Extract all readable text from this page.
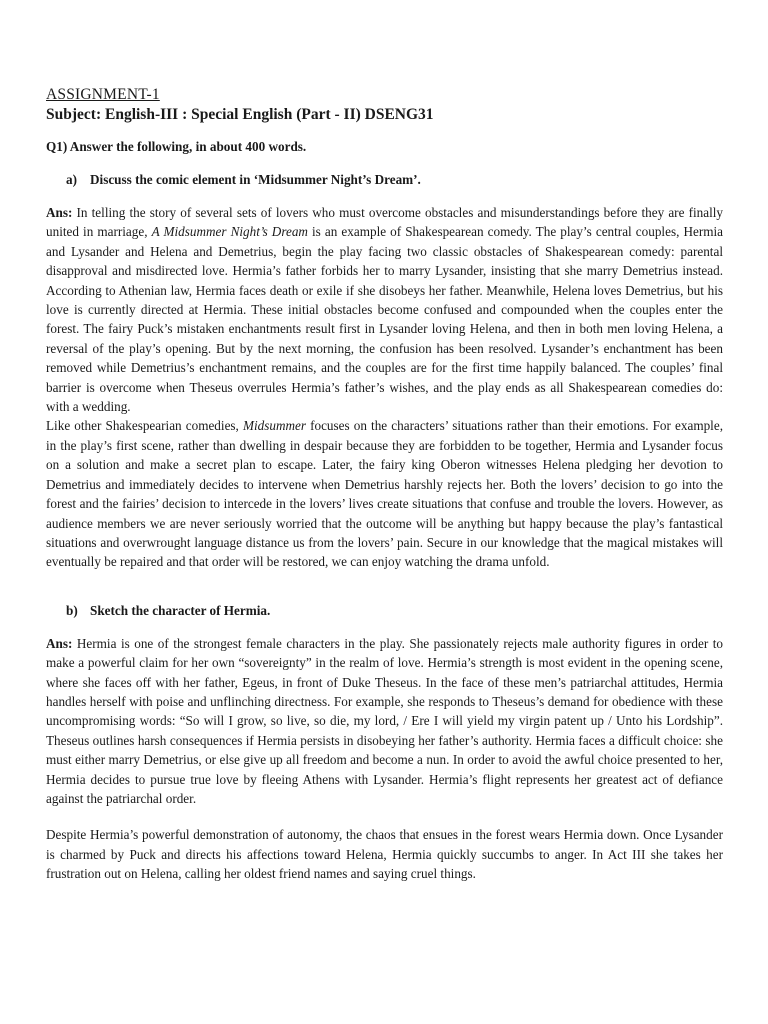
ASSIGNMENT-1

Subject: English-III : Special English (Part - II) DSENG31

Q1) Answer the following, in about 400 words.

a) Discuss the comic element in ‘Midsummer Night’s Dream’.

Ans: In telling the story of several sets of lovers who must overcome obstacles and misunderstandings before they are finally united in marriage, A Midsummer Night’s Dream is an example of Shakespearean comedy. The play’s central couples, Hermia and Lysander and Helena and Demetrius, begin the play facing two classic obstacles of Shakespearean comedy: parental disapproval and misdirected love. Hermia’s father forbids her to marry Lysander, insisting that she marry Demetrius instead. According to Athenian law, Hermia faces death or exile if she disobeys her father. Meanwhile, Helena loves Demetrius, but his love is currently directed at Hermia. These initial obstacles become confused and compounded when the couples enter the forest. The fairy Puck’s mistaken enchantments result first in Lysander loving Helena, and then in both men loving Helena, a reversal of the play’s opening. But by the next morning, the confusion has been resolved. Lysander’s enchantment has been removed while Demetrius’s enchantment remains, and the couples are for the first time happily balanced. The couples’ final barrier is overcome when Theseus overrules Hermia’s father’s wishes, and the play ends as all Shakespearean comedies do: with a wedding.

Like other Shakespearian comedies, Midsummer focuses on the characters’ situations rather than their emotions. For example, in the play’s first scene, rather than dwelling in despair because they are forbidden to be together, Hermia and Lysander focus on a solution and make a secret plan to escape. Later, the fairy king Oberon witnesses Helena pledging her devotion to Demetrius and immediately decides to intervene when Demetrius harshly rejects her. Both the lovers’ decision to go into the forest and the fairies’ decision to intercede in the lovers’ lives create situations that confuse and trouble the lovers. However, as audience members we are never seriously worried that the outcome will be anything but happy because the play’s fantastical situations and overwrought language distance us from the lovers’ pain. Secure in our knowledge that the magical mistakes will eventually be repaired and that order will be restored, we can enjoy watching the drama unfold.

b) Sketch the character of Hermia.

Ans: Hermia is one of the strongest female characters in the play. She passionately rejects male authority figures in order to make a powerful claim for her own “sovereignty” in the realm of love. Hermia’s strength is most evident in the opening scene, where she faces off with her father, Egeus, in front of Duke Theseus. In the face of these men’s patriarchal attitudes, Hermia handles herself with poise and unflinching directness. For example, she responds to Theseus’s demand for obedience with these uncompromising words: “So will I grow, so live, so die, my lord, / Ere I will yield my virgin patent up / Unto his Lordship”. Theseus outlines harsh consequences if Hermia persists in disobeying her father’s authority. Hermia faces a difficult choice: she must either marry Demetrius, or else give up all freedom and become a nun. In order to avoid the awful choice presented to her, Hermia decides to pursue true love by fleeing Athens with Lysander. Hermia’s flight represents her greatest act of defiance against the patriarchal order.

Despite Hermia’s powerful demonstration of autonomy, the chaos that ensues in the forest wears Hermia down. Once Lysander is charmed by Puck and directs his affections toward Helena, Hermia quickly succumbs to anger. In Act III she takes her frustration out on Helena, calling her oldest friend names and saying cruel things.
